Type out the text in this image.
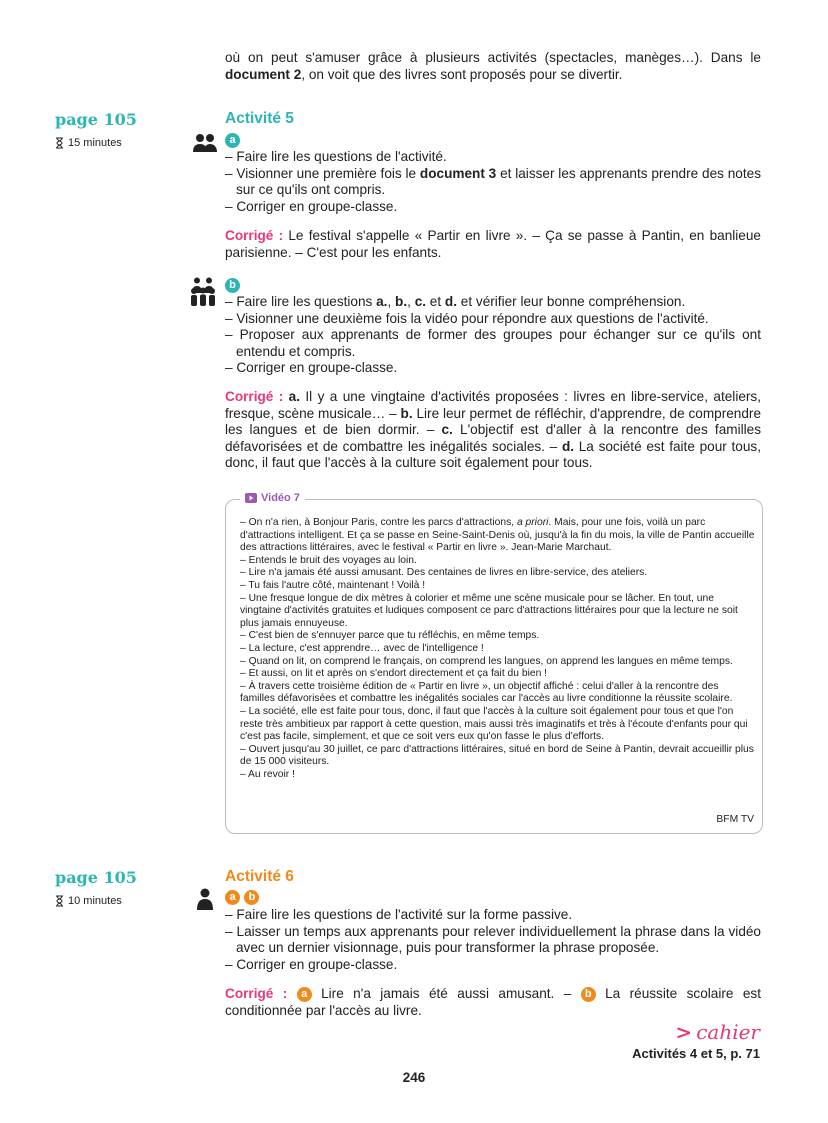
où on peut s'amuser grâce à plusieurs activités (spectacles, manèges…). Dans le document 2, on voit que des livres sont proposés pour se divertir.
page 105
15 minutes
Activité 5
a
– Faire lire les questions de l'activité.
– Visionner une première fois le document 3 et laisser les apprenants prendre des notes sur ce qu'ils ont compris.
– Corriger en groupe-classe.
Corrigé : Le festival s'appelle « Partir en livre ». – Ça se passe à Pantin, en banlieue parisienne. – C'est pour les enfants.
b
– Faire lire les questions a., b., c. et d. et vérifier leur bonne compréhension.
– Visionner une deuxième fois la vidéo pour répondre aux questions de l'activité.
– Proposer aux apprenants de former des groupes pour échanger sur ce qu'ils ont entendu et compris.
– Corriger en groupe-classe.
Corrigé : a. Il y a une vingtaine d'activités proposées : livres en libre-service, ateliers, fresque, scène musicale… – b. Lire leur permet de réfléchir, d'apprendre, de comprendre les langues et de bien dormir. – c. L'objectif est d'aller à la rencontre des familles défavorisées et de combattre les inégalités sociales. – d. La société est faite pour tous, donc, il faut que l'accès à la culture soit également pour tous.
Vidéo 7

– On n'a rien, à Bonjour Paris, contre les parcs d'attractions, a priori. Mais, pour une fois, voilà un parc d'attractions intelligent. Et ça se passe en Seine-Saint-Denis où, jusqu'à la fin du mois, la ville de Pantin accueille des attractions littéraires, avec le festival « Partir en livre ». Jean-Marie Marchaut.

– Entends le bruit des voyages au loin.

– Lire n'a jamais été aussi amusant. Des centaines de livres en libre-service, des ateliers.

– Tu fais l'autre côté, maintenant ! Voilà !

– Une fresque longue de dix mètres à colorier et même une scène musicale pour se lâcher. En tout, une vingtaine d'activités gratuites et ludiques composent ce parc d'attractions littéraires pour que la lecture ne soit plus jamais ennuyeuse.

– C'est bien de s'ennuyer parce que tu réfléchis, en même temps.

– La lecture, c'est apprendre… avec de l'intelligence !

– Quand on lit, on comprend le français, on comprend les langues, on apprend les langues en même temps.

– Et aussi, on lit et après on s'endort directement et ça fait du bien !

– À travers cette troisième édition de « Partir en livre », un objectif affiché : celui d'aller à la rencontre des familles défavorisées et combattre les inégalités sociales car l'accès au livre conditionne la réussite scolaire.

– La société, elle est faite pour tous, donc, il faut que l'accès à la culture soit également pour tous et que l'on reste très ambitieux par rapport à cette question, mais aussi très imaginatifs et très à l'écoute d'enfants pour qui c'est pas facile, simplement, et que ce soit vers eux qu'on fasse le plus d'efforts.

– Ouvert jusqu'au 30 juillet, ce parc d'attractions littéraires, situé en bord de Seine à Pantin, devrait accueillir plus de 15 000 visiteurs.

– Au revoir !

BFM TV
page 105
10 minutes
Activité 6
a b
– Faire lire les questions de l'activité sur la forme passive.
– Laisser un temps aux apprenants pour relever individuellement la phrase dans la vidéo avec un dernier visionnage, puis pour transformer la phrase proposée.
– Corriger en groupe-classe.
Corrigé : a Lire n'a jamais été aussi amusant. – b La réussite scolaire est conditionnée par l'accès au livre.
> cahier
Activités 4 et 5, p. 71
246
